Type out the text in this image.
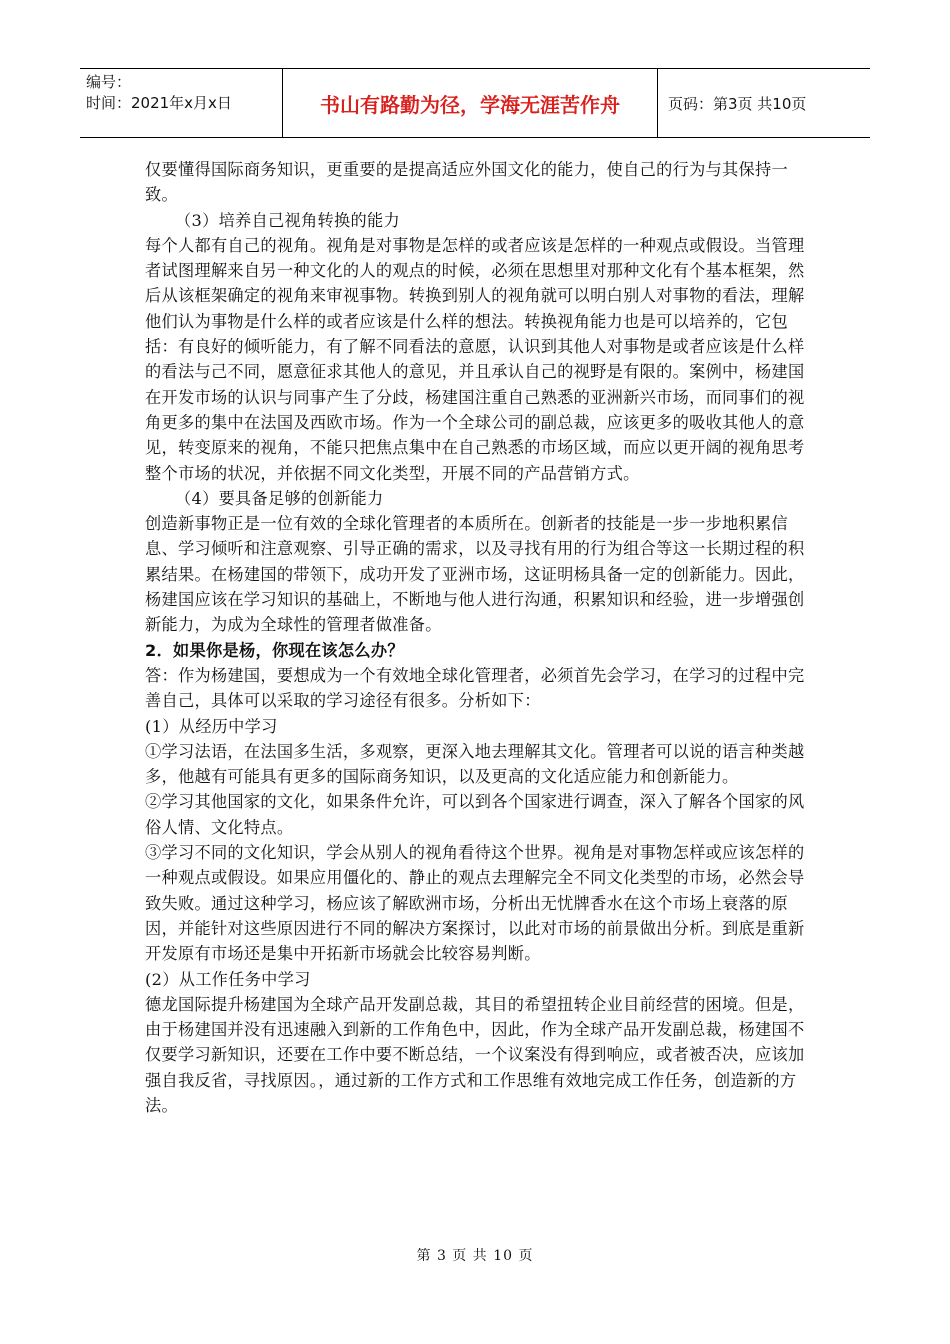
编号：
时间：2021年x月x日	书山有路勤为径，学海无涯苦作舟	页码：第3页 共10页

仅要懂得国际商务知识，更重要的是提高适应外国文化的能力，使自己的行为与其保持一致。

（3）培养自己视角转换的能力

每个人都有自己的视角。视角是对事物是怎样的或者应该是怎样的一种观点或假设。当管理者试图理解来自另一种文化的人的观点的时候，必须在思想里对那种文化有个基本框架，然后从该框架确定的视角来审视事物。转换到别人的视角就可以明白别人对事物的看法，理解他们认为事物是什么样的或者应该是什么样的想法。转换视角能力也是可以培养的，它包括：有良好的倾听能力，有了解不同看法的意愿，认识到其他人对事物是或者应该是什么样的看法与己不同，愿意征求其他人的意见，并且承认自己的视野是有限的。案例中，杨建国在开发市场的认识与同事产生了分歧，杨建国注重自己熟悉的亚洲新兴市场，而同事们的视角更多的集中在法国及西欧市场。作为一个全球公司的副总裁，应该更多的吸收其他人的意见，转变原来的视角，不能只把焦点集中在自己熟悉的市场区域，而应以更开阔的视角思考整个市场的状况，并依据不同文化类型，开展不同的产品营销方式。

（4）要具备足够的创新能力

创造新事物正是一位有效的全球化管理者的本质所在。创新者的技能是一步一步地积累信息、学习倾听和注意观察、引导正确的需求，以及寻找有用的行为组合等这一长期过程的积累结果。在杨建国的带领下，成功开发了亚洲市场，这证明杨具备一定的创新能力。因此，杨建国应该在学习知识的基础上，不断地与他人进行沟通，积累知识和经验，进一步增强创新能力，为成为全球性的管理者做准备。

2．如果你是杨，你现在该怎么办？

答：作为杨建国，要想成为一个有效地全球化管理者，必须首先会学习，在学习的过程中完善自己，具体可以采取的学习途径有很多。分析如下：

(1）从经历中学习

①学习法语，在法国多生活，多观察，更深入地去理解其文化。管理者可以说的语言种类越多，他越有可能具有更多的国际商务知识，以及更高的文化适应能力和创新能力。

②学习其他国家的文化，如果条件允许，可以到各个国家进行调查，深入了解各个国家的风俗人情、文化特点。

③学习不同的文化知识，学会从别人的视角看待这个世界。视角是对事物怎样或应该怎样的一种观点或假设。如果应用僵化的、静止的观点去理解完全不同文化类型的市场，必然会导致失败。通过这种学习，杨应该了解欧洲市场，分析出无忧牌香水在这个市场上衰落的原因，并能针对这些原因进行不同的解决方案探讨，以此对市场的前景做出分析。到底是重新开发原有市场还是集中开拓新市场就会比较容易判断。

(2）从工作任务中学习

德龙国际提升杨建国为全球产品开发副总裁，其目的希望扭转企业目前经营的困境。但是，由于杨建国并没有迅速融入到新的工作角色中，因此，作为全球产品开发副总裁，杨建国不仅要学习新知识，还要在工作中要不断总结，一个议案没有得到响应，或者被否决，应该加强自我反省，寻找原因。，通过新的工作方式和工作思维有效地完成工作任务，创造新的方法。

第 3 页 共 10 页
